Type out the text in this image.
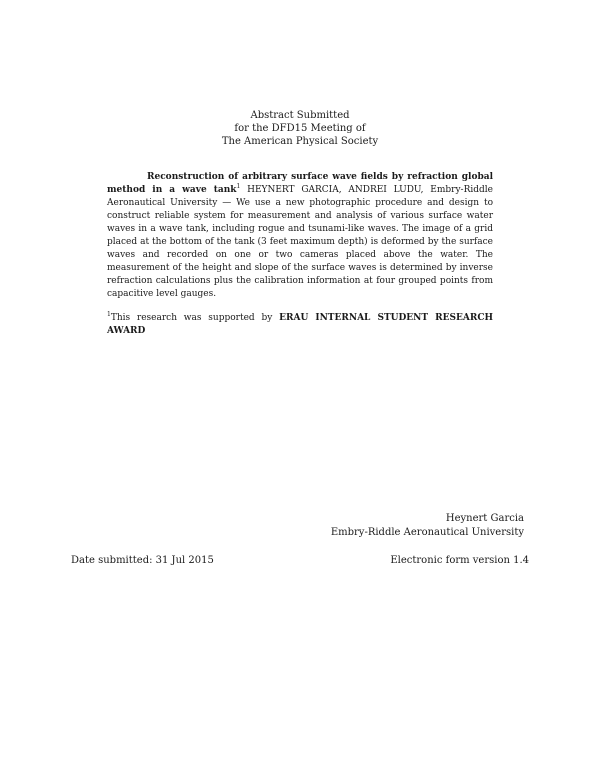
Abstract Submitted
for the DFD15 Meeting of
The American Physical Society
Reconstruction of arbitrary surface wave fields by refraction global method in a wave tank$^1$ HEYNERT GARCIA, ANDREI LUDU, Embry-Riddle Aeronautical University — We use a new photographic procedure and design to construct reliable system for measurement and analysis of various surface water waves in a wave tank, including rogue and tsunami-like waves. The image of a grid placed at the bottom of the tank (3 feet maximum depth) is deformed by the surface waves and recorded on one or two cameras placed above the water. The measurement of the height and slope of the surface waves is determined by inverse refraction calculations plus the calibration information at four grouped points from capacitive level gauges.
$^1$This research was supported by ERAU INTERNAL STUDENT RESEARCH AWARD
Heynert Garcia
Embry-Riddle Aeronautical University
Date submitted: 31 Jul 2015	Electronic form version 1.4
